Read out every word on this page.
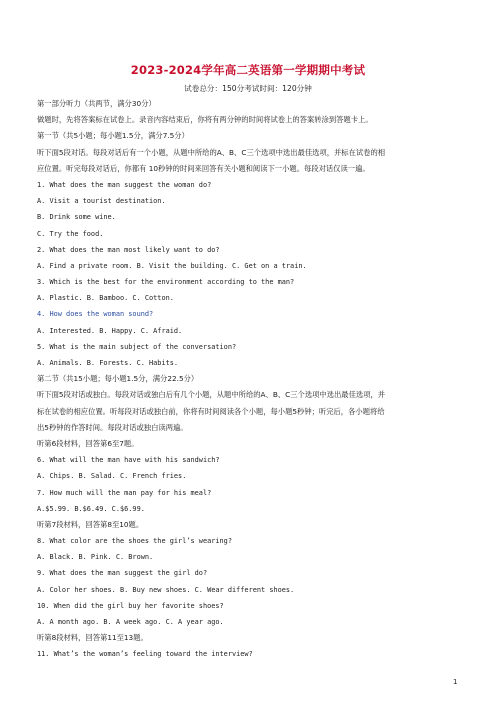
2023-2024学年高二英语第一学期期中考试
试卷总分：150分考试时间：120分钟
第一部分听力（共两节，满分30分）
做题时，先将答案标在试卷上。录音内容结束后，你将有两分钟的时间将试卷上的答案转涂到答题卡上。
第一节（共5小题；每小题1.5分，满分7.5分）
听下面5段对话。每段对话后有一个小题，从题中所给的A、B、C三个选项中选出最佳选项，并标在试卷的相
应位置。听完每段对话后，你都有 10秒钟的时间来回答有关小题和阅读下一小题。每段对话仅读一遍。
1. What does the man suggest the woman do?
A. Visit a tourist destination.
B. Drink some wine.
C. Try the food.
2. What does the man most likely want to do?
A. Find a private room. B. Visit the building. C. Get on a train.
3. Which is the best for the environment according to the man?
A. Plastic. B. Bamboo. C. Cotton.
4. How does the woman sound?
A. Interested. B. Happy. C. Afraid.
5. What is the main subject of the conversation?
A. Animals. B. Forests. C. Habits.
第二节（共15小题；每小题1.5分，满分22.5分）
听下面5段对话或独白。每段对话或独白后有几个小题，从题中所给的A、B、C三个选项中选出最佳选项，并
标在试卷的相应位置。听每段对话或独白前，你将有时间阅读各个小题，每小题5秒钟；听完后，各小题将给
出5秒钟的作答时间。每段对话或独白读两遍。
听第6段材料，回答第6至7题。
6. What will the man have with his sandwich?
A. Chips. B. Salad. C. French fries.
7. How much will the man pay for his meal?
A.$5.99. B.$6.49. C.$6.99.
听第7段材料，回答第8至10题。
8. What color are the shoes the girl’s wearing?
A. Black. B. Pink. C. Brown.
9. What does the man suggest the girl do?
A. Color her shoes. B. Buy new shoes. C. Wear different shoes.
10. When did the girl buy her favorite shoes?
A. A month ago. B. A week ago. C. A year ago.
听第8段材料，回答第11至13题。
11. What’s the woman’s feeling toward the interview?
1
